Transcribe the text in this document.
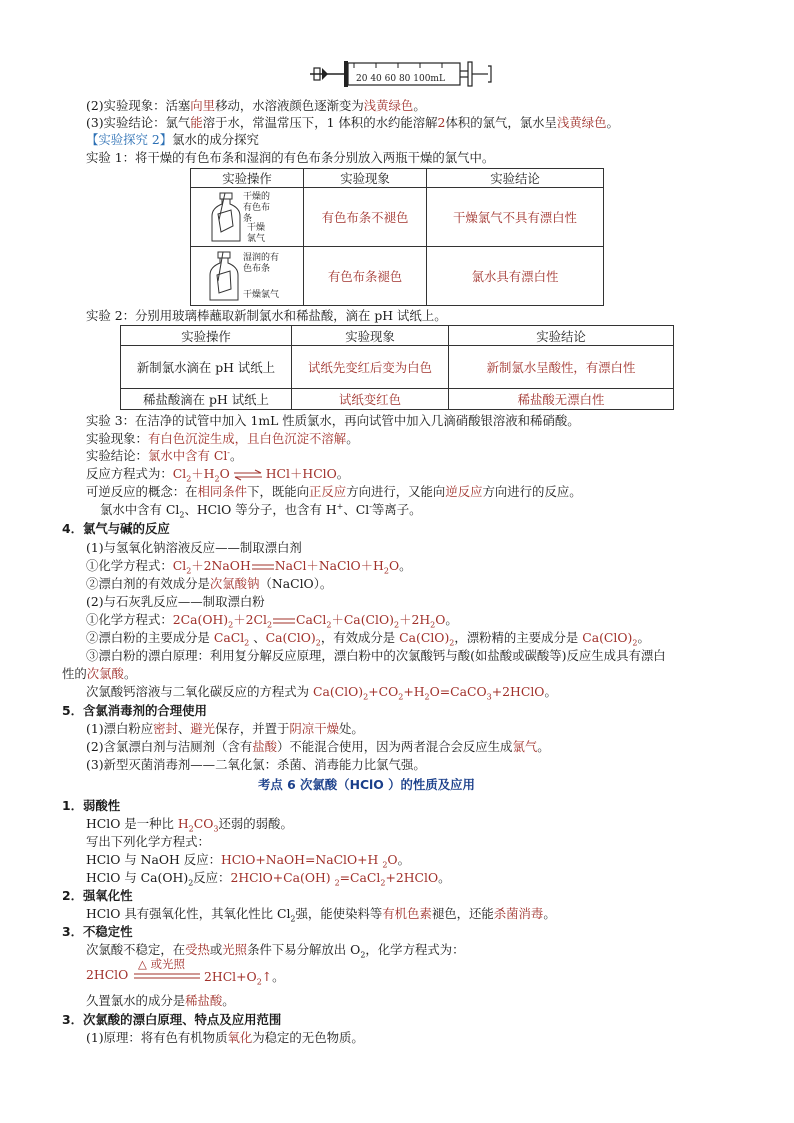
20 40 60 80 100mL
(2)实验现象：活塞向里移动，水溶液颜色逐渐变为浅黄绿色。
(3)实验结论：氯气能溶于水，常温常压下，1 体积的水约能溶解2体积的氯气，氯水呈浅黄绿色。
【实验探究 2】氯水的成分探究
实验 1：将干燥的有色布条和湿润的有色布条分别放入两瓶干燥的氯气中。
实验操作	实验现象	实验结论

干燥的
有色布
条
干燥
氯气	有色布条不褪色	干燥氯气不具有漂白性

湿润的有
色布条
干燥氯气	有色布条褪色	氯水具有漂白性
实验 2：分别用玻璃棒蘸取新制氯水和稀盐酸，滴在 pH 试纸上。
实验操作	实验现象	实验结论
新制氯水滴在 pH 试纸上	试纸先变红后变为白色	新制氯水呈酸性，有漂白性
稀盐酸滴在 pH 试纸上	试纸变红色	稀盐酸无漂白性
实验 3：在洁净的试管中加入 1mL 性质氯水，再向试管中加入几滴硝酸银溶液和稀硝酸。
实验现象：有白色沉淀生成，且白色沉淀不溶解。
实验结论：氯水中含有 Cl-。
反应方程式为：$Cl_2+H_2O$ ⇌ HCl＋HClO。
可逆反应的概念：在相同条件下，既能向正反应方向进行，又能向逆反应方向进行的反应。
氯水中含有 $Cl_2$、HClO 等分子，也含有 H+、Cl-等离子。
4．氯气与碱的反应
(1)与氢氧化钠溶液反应——制取漂白剂
①化学方程式：$Cl_2+2NaOH$ $NaCl+NaClO+H_2O$。
②漂白剂的有效成分是次氯酸钠（NaClO）。
(2)与石灰乳反应——制取漂白粉
①化学方程式：$2Ca(OH)_2+2Cl_2$ $CaCl_2+Ca(ClO)_2+2H_2O$。
②漂白粉的主要成分是 CaCl$_2$ 、$Ca(ClO)_2$，有效成分是 $Ca(ClO)_2$，漂粉精的主要成分是 $Ca(ClO)_2$。
③漂白粉的漂白原理：利用复分解反应原理，漂白粉中的次氯酸钙与酸(如盐酸或碳酸等)反应生成具有漂白
性的次氯酸。
次氯酸钙溶液与二氧化碳反应的方程式为 $Ca(ClO)_2+CO_2+H_2O=CaCO_3+2HClO$。
5．含氯消毒剂的合理使用
(1)漂白粉应密封、避光保存，并置于阴凉干燥处。
(2)含氯漂白剂与洁厕剂（含有盐酸）不能混合使用，因为两者混合会反应生成氯气。
(3)新型灭菌消毒剂——二氧化氯：杀菌、消毒能力比氯气强。
考点 6 次氯酸（HClO ）的性质及应用
1．弱酸性
HClO 是一种比 $H_2CO_3$还弱的弱酸。
写出下列化学方程式：
HClO 与 NaOH 反应：HClO+NaOH=NaClO+H $_2$O。
HClO 与 $Ca(OH)_2$反应：2HClO+Ca(OH) $_2$=CaCl$_2$+2HClO。
2．强氧化性
HClO 具有强氧化性，其氧化性比 $Cl_2$强，能使染料等有机色素褪色，还能杀菌消毒。
3．不稳定性
次氯酸不稳定，在受热或光照条件下易分解放出 $O_2$，化学方程式为：
2HClO
△ 或光照
$2HCl+O_2↑$。
久置氯水的成分是稀盐酸。
3．次氯酸的漂白原理、特点及应用范围
(1)原理：将有色有机物质氧化为稳定的无色物质。
